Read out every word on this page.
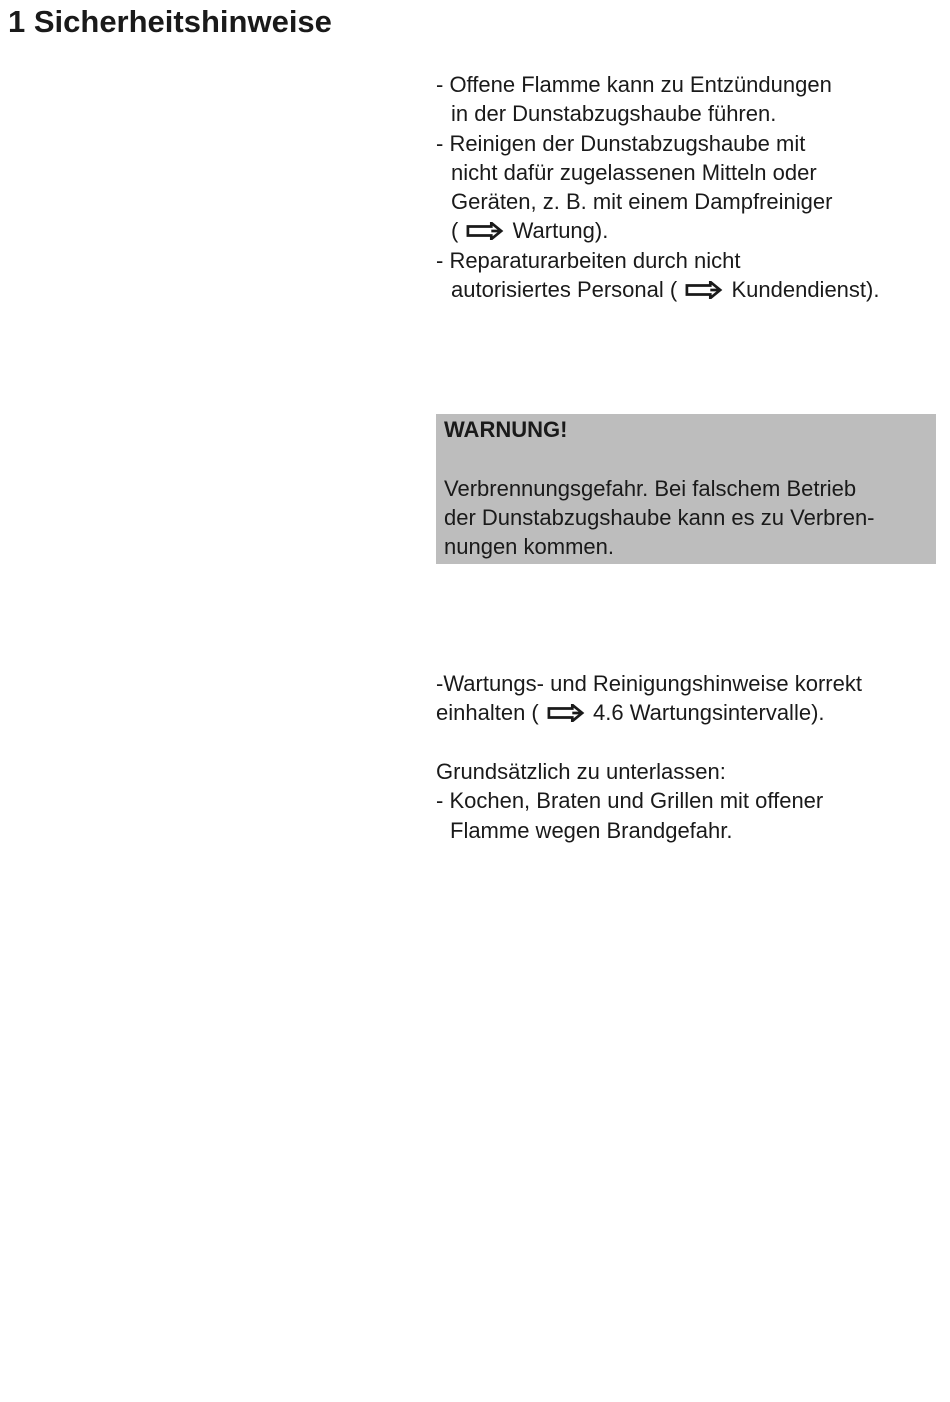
1 Sicherheitshinweise
- Offene Flamme kann zu Entzündungen
in der Dunstabzugshaube führen.
- Reinigen der Dunstabzugshaube mit
nicht dafür zugelassenen Mitteln oder
Geräten, z. B. mit einem Dampfreiniger
( Wartung).
- Reparaturarbeiten durch nicht
autorisiertes Personal ( Kundendienst).
WARNUNG!
Verbrennungsgefahr. Bei falschem Betrieb
der Dunstabzugshaube kann es zu Verbren-
nungen kommen.
-Wartungs- und Reinigungshinweise korrekt
einhalten ( 4.6 Wartungsintervalle).
Grundsätzlich zu unterlassen:
- Kochen, Braten und Grillen mit offener
Flamme wegen Brandgefahr.
